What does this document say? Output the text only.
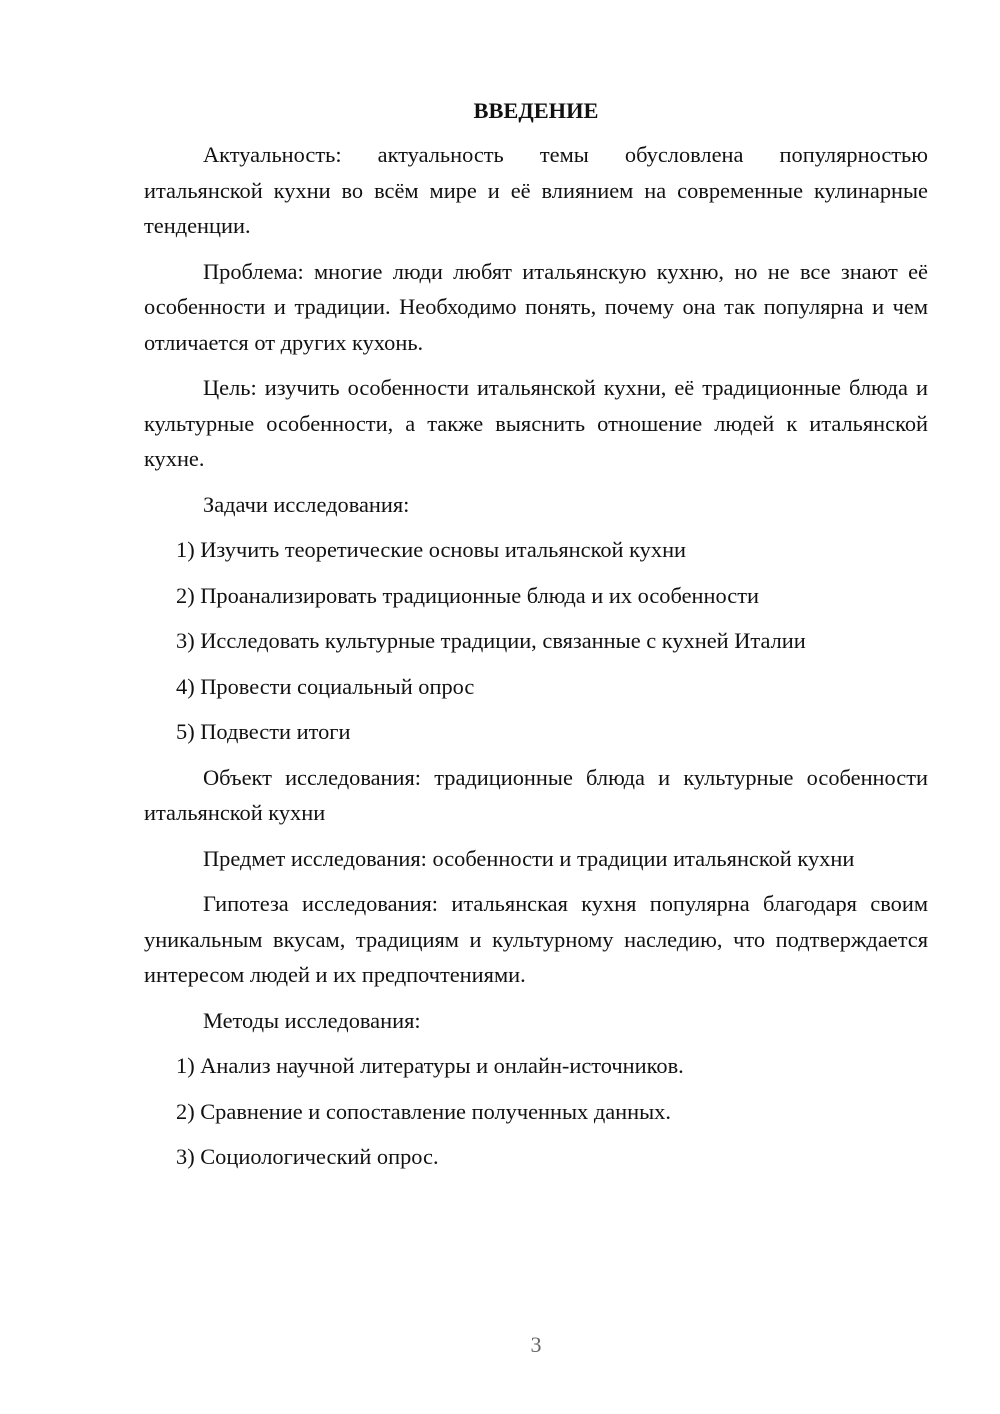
ВВЕДЕНИЕ
Актуальность: актуальность темы обусловлена популярностью итальянской кухни во всём мире и её влиянием на современные кулинарные тенденции.
Проблема: многие люди любят итальянскую кухню, но не все знают её особенности и традиции. Необходимо понять, почему она так популярна и чем отличается от других кухонь.
Цель: изучить особенности итальянской кухни, её традиционные блюда и культурные особенности, а также выяснить отношение людей к итальянской кухне.
Задачи исследования:
1) Изучить теоретические основы итальянской кухни
2) Проанализировать традиционные блюда и их особенности
3) Исследовать культурные традиции, связанные с кухней Италии
4) Провести социальный опрос
5) Подвести итоги
Объект исследования: традиционные блюда и культурные особенности итальянской кухни
Предмет исследования: особенности и традиции итальянской кухни
Гипотеза исследования: итальянская кухня популярна благодаря своим уникальным вкусам, традициям и культурному наследию, что подтверждается интересом людей и их предпочтениями.
Методы исследования:
1) Анализ научной литературы и онлайн-источников.
2) Сравнение и сопоставление полученных данных.
3) Социологический опрос.
3
